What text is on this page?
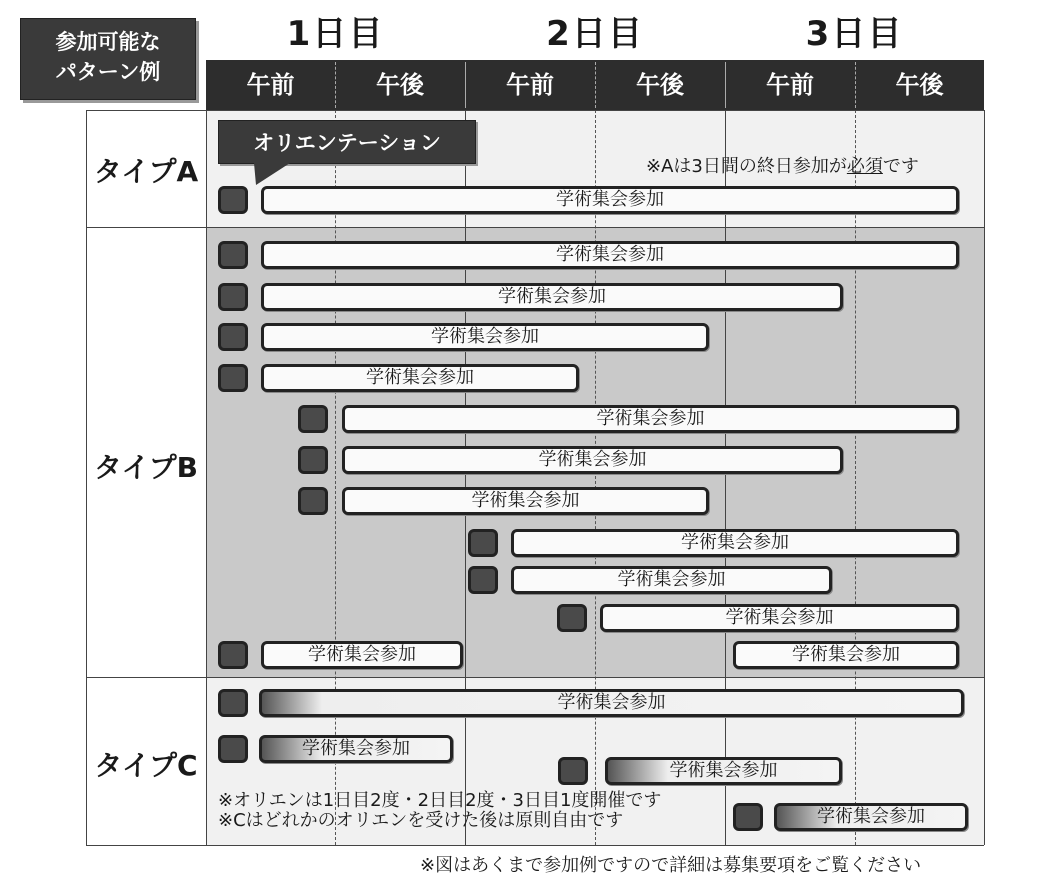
参加可能な
パターン例
1日目	2日目	3日目
午前	午後	午前	午後	午前	午後
タイプA
タイプB
タイプC
オリエンテーション
※Aは3日間の終日参加が必須です
学術集会参加
学術集会参加
学術集会参加
学術集会参加
学術集会参加
学術集会参加
学術集会参加
学術集会参加
学術集会参加
学術集会参加
学術集会参加
学術集会参加	学術集会参加
学術集会参加
学術集会参加
学術集会参加
学術集会参加
※オリエンは1日目2度・2日目2度・3日目1度開催です
※Cはどれかのオリエンを受けた後は原則自由です
※図はあくまで参加例ですので詳細は募集要項をご覧ください
